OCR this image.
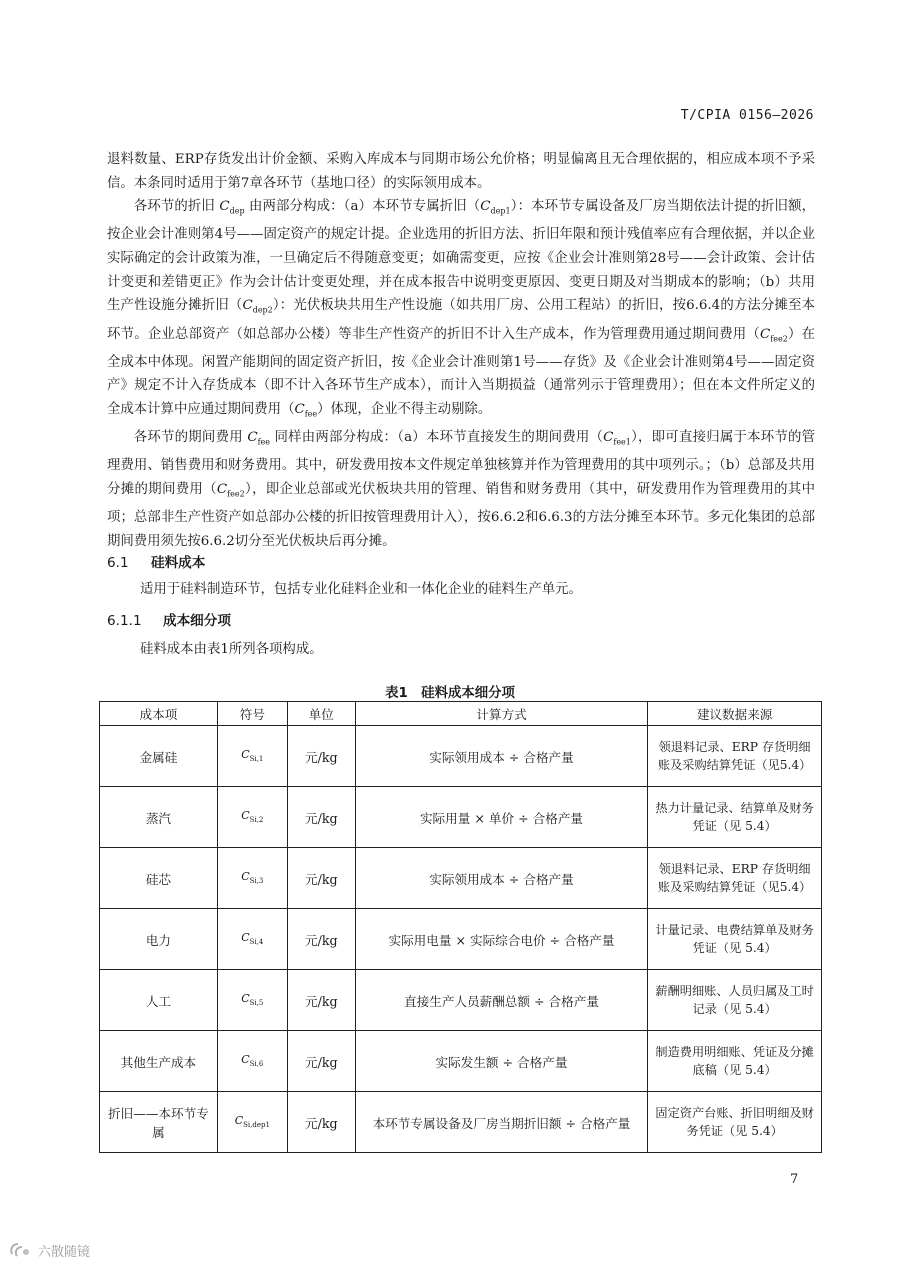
T/CPIA 0156—2026

退料数量、ERP存货发出计价金额、采购入库成本与同期市场公允价格；明显偏离且无合理依据的，相应成本项不予采信。本条同时适用于第7章各环节（基地口径）的实际领用成本。

各环节的折旧 $C_{dep}$ 由两部分构成：（a）本环节专属折旧$(C_{dep1})$：本环节专属设备及厂房当期依法计提的折旧额，按企业会计准则第4号——固定资产的规定计提。企业选用的折旧方法、折旧年限和预计残值率应有合理依据，并以企业实际确定的会计政策为准，一旦确定后不得随意变更；如确需变更，应按《企业会计准则第28号——会计政策、会计估计变更和差错更正》作为会计估计变更处理，并在成本报告中说明变更原因、变更日期及对当期成本的影响；（b）共用生产性设施分摊折旧$(C_{dep2})$：光伏板块共用生产性设施（如共用厂房、公用工程站）的折旧，按6.6.4的方法分摊至本环节。企业总部资产（如总部办公楼）等非生产性资产的折旧不计入生产成本，作为管理费用通过期间费用$(C_{fee2})$在全成本中体现。闲置产能期间的固定资产折旧，按《企业会计准则第1号——存货》及《企业会计准则第4号——固定资产》规定不计入存货成本（即不计入各环节生产成本），而计入当期损益（通常列示于管理费用）；但在本文件所定义的全成本计算中应通过期间费用$(C_{fee})$体现，企业不得主动剔除。

各环节的期间费用 $C_{fee}$ 同样由两部分构成：（a）本环节直接发生的期间费用$(C_{fee1})$，即可直接归属于本环节的管理费用、销售费用和财务费用。其中，研发费用按本文件规定单独核算并作为管理费用的其中项列示。；（b）总部及共用分摊的期间费用$(C_{fee2})$，即企业总部或光伏板块共用的管理、销售和财务费用（其中，研发费用作为管理费用的其中项；总部非生产性资产如总部办公楼的折旧按管理费用计入），按6.6.2和6.6.3的方法分摊至本环节。多元化集团的总部期间费用须先按6.6.2切分至光伏板块后再分摊。

6.1 硅料成本
适用于硅料制造环节，包括专业化硅料企业和一体化企业的硅料生产单元。
6.1.1 成本细分项
硅料成本由表1所列各项构成。
表1　硅料成本细分项
成本项	符号	单位	计算方式	建议数据来源
金属硅	$C_{Si,1}$	元/kg	实际领用成本 ÷ 合格产量	领退料记录、ERP 存货明细账及采购结算凭证（见5.4）
蒸汽	$C_{Si,2}$	元/kg	实际用量 × 单价 ÷ 合格产量	热力计量记录、结算单及财务凭证（见 5.4）
硅芯	$C_{Si,3}$	元/kg	实际领用成本 ÷ 合格产量	领退料记录、ERP 存货明细账及采购结算凭证（见5.4）
电力	$C_{Si,4}$	元/kg	实际用电量 × 实际综合电价 ÷ 合格产量	计量记录、电费结算单及财务凭证（见 5.4）
人工	$C_{Si,5}$	元/kg	直接生产人员薪酬总额 ÷ 合格产量	薪酬明细账、人员归属及工时记录（见 5.4）
其他生产成本	$C_{Si,6}$	元/kg	实际发生额 ÷ 合格产量	制造费用明细账、凭证及分摊底稿（见 5.4）
折旧——本环节专属	$C_{Si,dep1}$	元/kg	本环节专属设备及厂房当期折旧额 ÷ 合格产量	固定资产台账、折旧明细及财务凭证（见 5.4）
7
六散随镜
